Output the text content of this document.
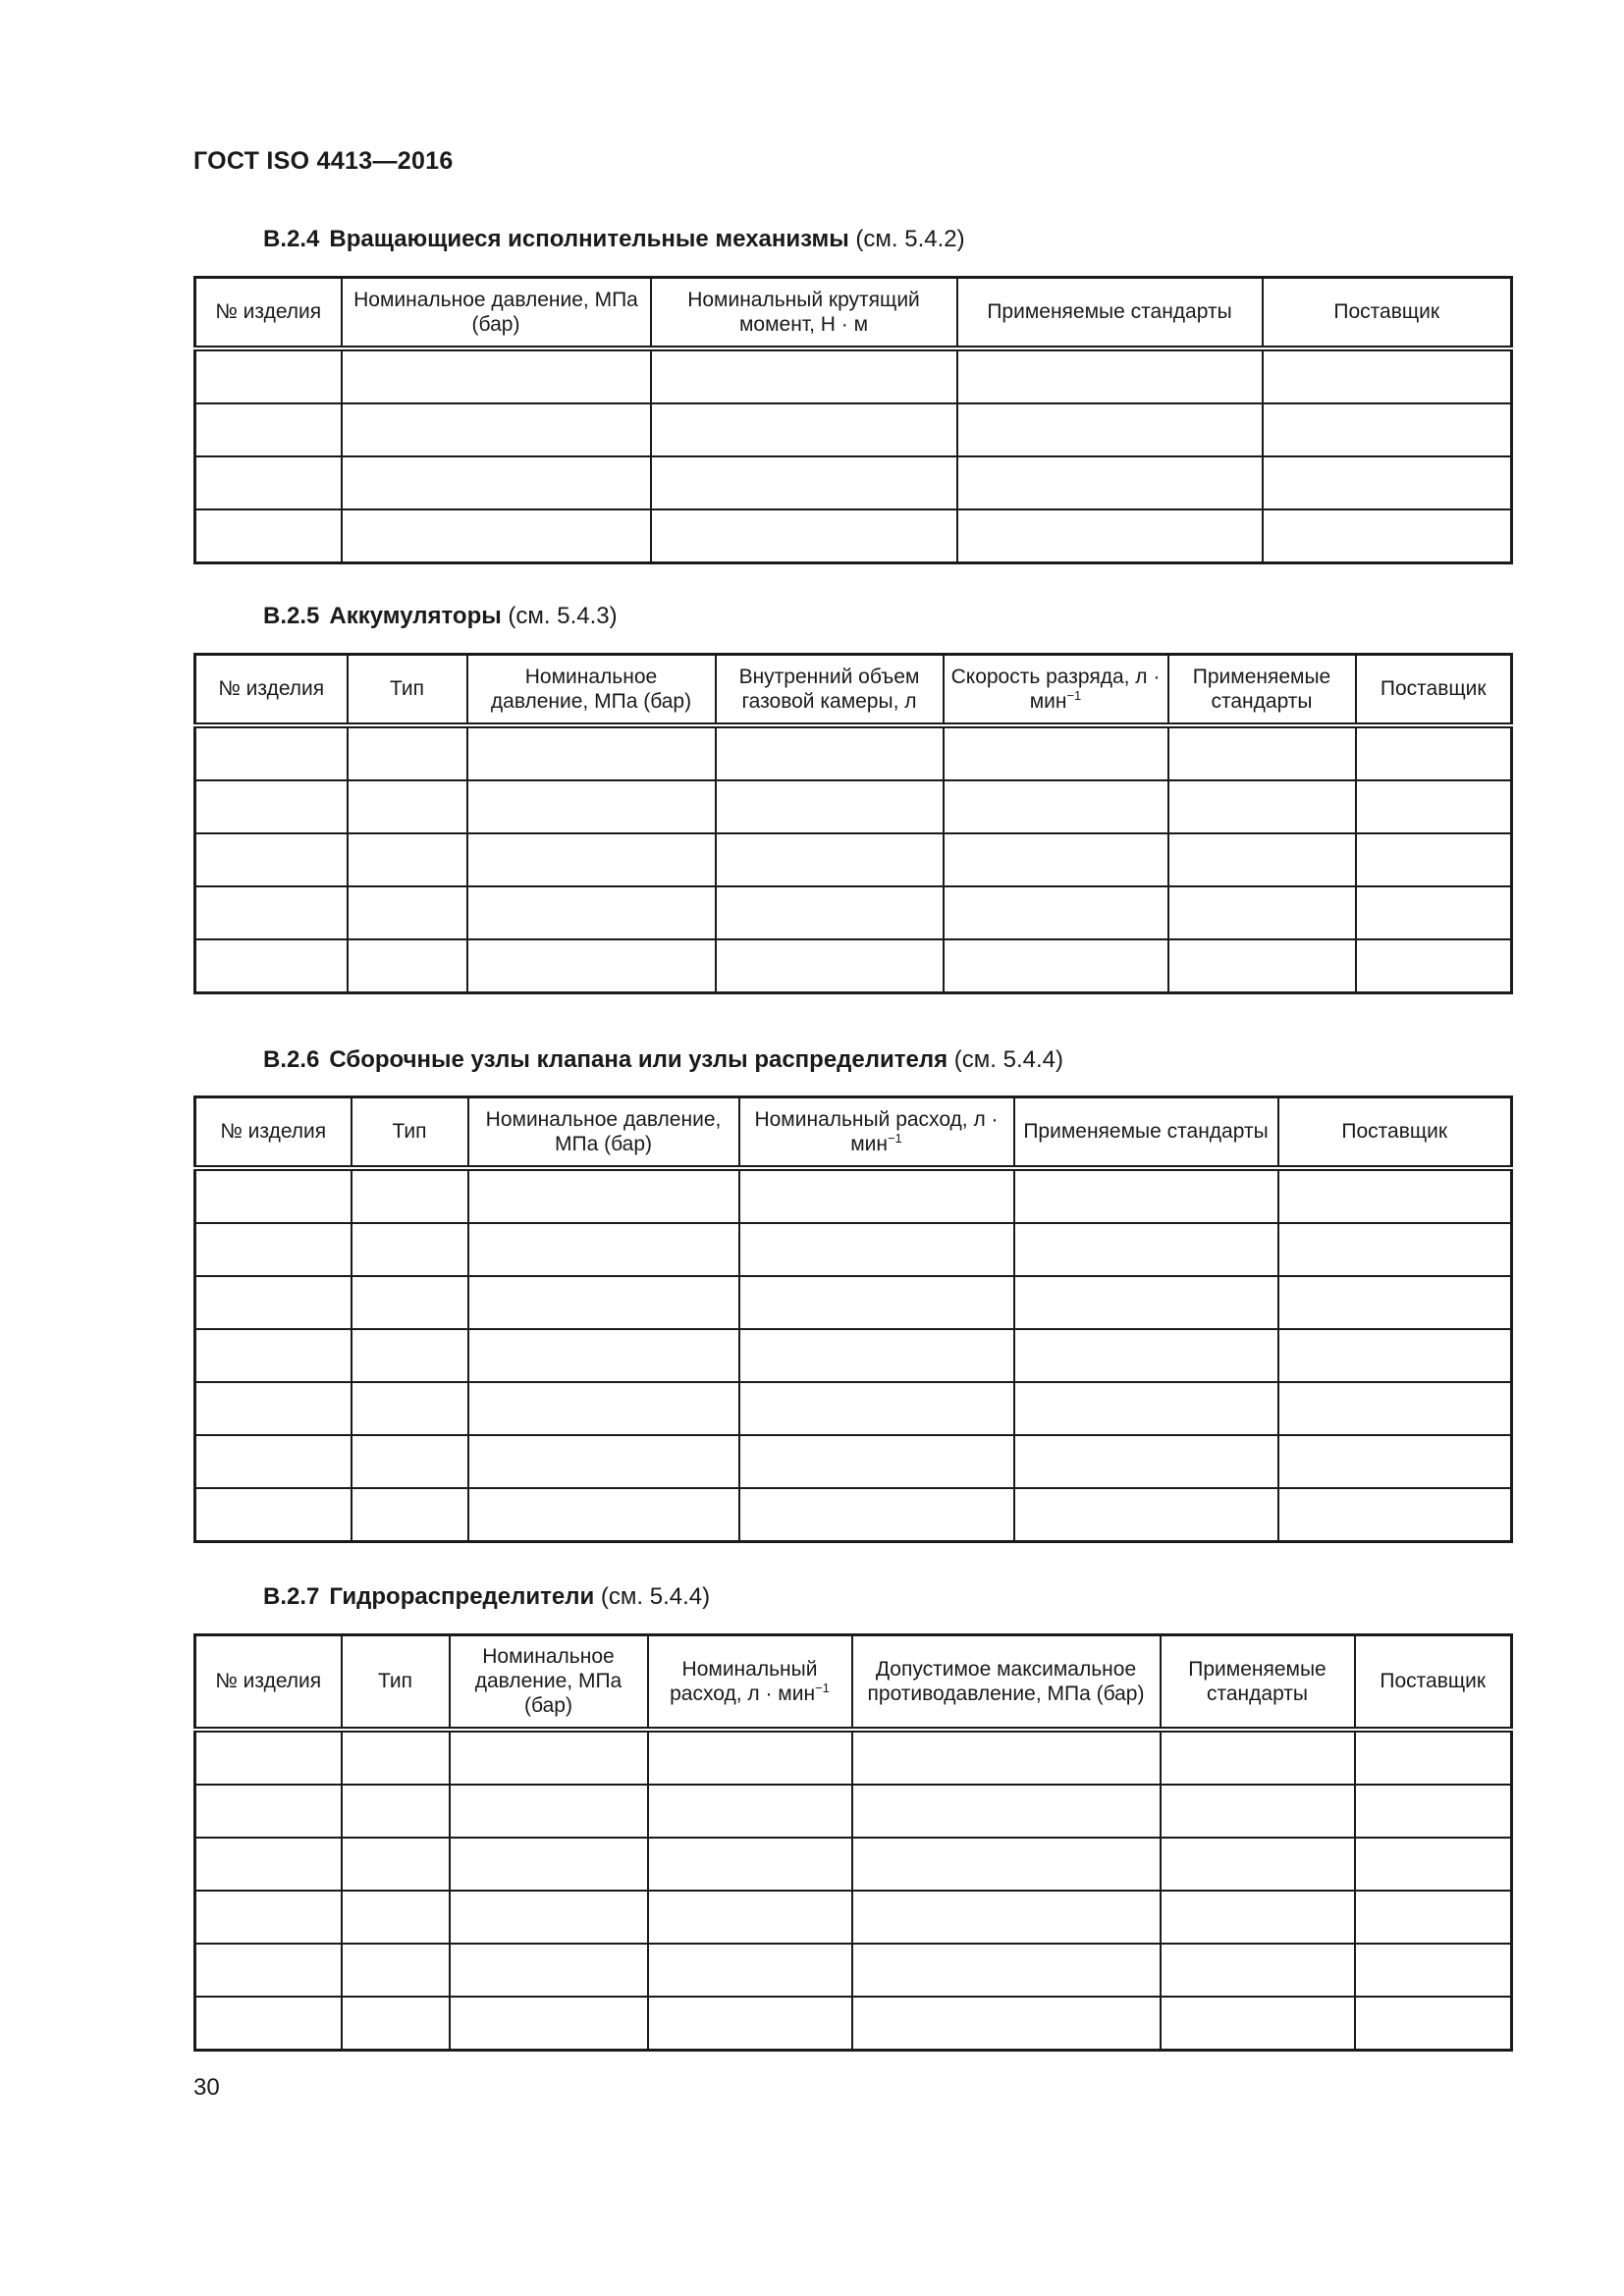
ГОСТ ISO 4413—2016
B.2.4 Вращающиеся исполнительные механизмы (см. 5.4.2)
№ изделия	Номинальное давление, МПа (бар)	Номинальный крутящий момент, Н · м	Применяемые стандарты	Поставщик

B.2.5 Аккумуляторы (см. 5.4.3)
№ изделия	Тип	Номинальное давление, МПа (бар)	Внутренний объем газовой камеры, л	Скорость разряда, л · мин$^{-1}$	Применяемые стандарты	Поставщик

B.2.6 Сборочные узлы клапана или узлы распределителя (см. 5.4.4)
№ изделия	Тип	Номинальное давление, МПа (бар)	Номинальный расход, л · мин$^{-1}$	Применяемые стандарты	Поставщик

B.2.7 Гидрораспределители (см. 5.4.4)
№ изделия	Тип	Номинальное давление, МПа (бар)	Номинальный расход, л · мин$^{-1}$	Допустимое максимальное противодавление, МПа (бар)	Применяемые стандарты	Поставщик

30
